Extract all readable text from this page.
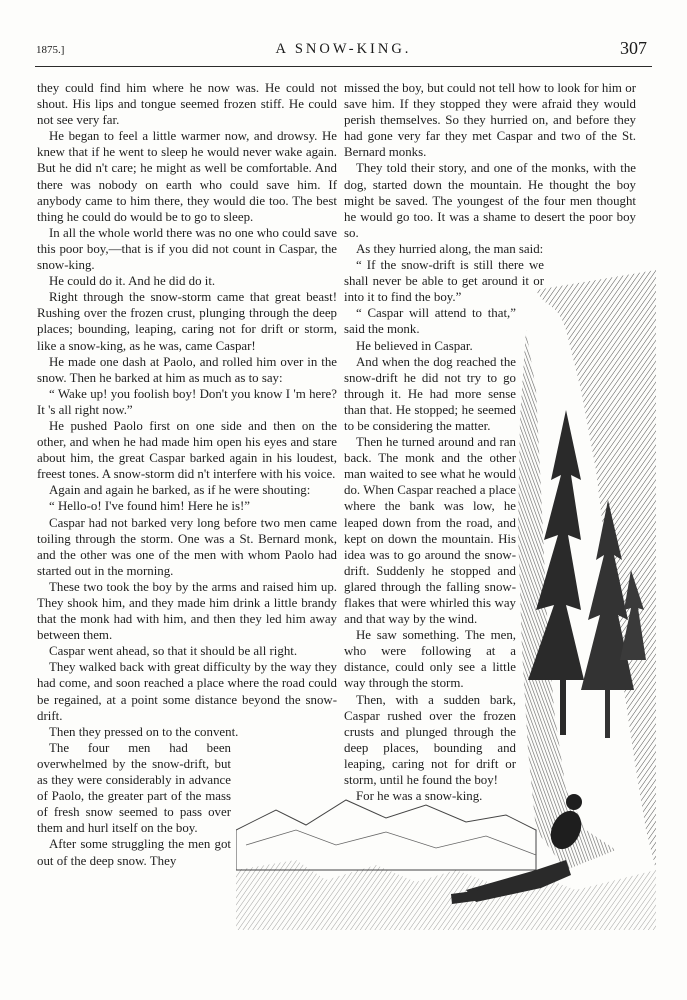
1875.]	A SNOW-KING.	307

they could find him where he now was. He could not shout. His lips and tongue seemed frozen stiff. He could not see very far.

He began to feel a little warmer now, and drowsy. He knew that if he went to sleep he would never wake again. But he did n't care; he might as well be comfortable. And there was nobody on earth who could save him. If anybody came to him there, they would die too. The best thing he could do would be to go to sleep.

In all the whole world there was no one who could save this poor boy,—that is if you did not count in Caspar, the snow-king.

He could do it. And he did do it.

Right through the snow-storm came that great beast! Rushing over the frozen crust, plunging through the deep places; bounding, leaping, caring not for drift or storm, like a snow-king, as he was, came Caspar!

He made one dash at Paolo, and rolled him over in the snow. Then he barked at him as much as to say:

“ Wake up! you foolish boy! Don't you know I 'm here? It 's all right now.”

He pushed Paolo first on one side and then on the other, and when he had made him open his eyes and stare about him, the great Caspar barked again in his loudest, freest tones. A snow-storm did n't interfere with his voice.

Again and again he barked, as if he were shouting:

“ Hello-o! I've found him! Here he is!”

Caspar had not barked very long before two men came toiling through the storm. One was a St. Bernard monk, and the other was one of the men with whom Paolo had started out in the morning.

These two took the boy by the arms and raised him up. They shook him, and they made him drink a little brandy that the monk had with him, and then they led him away between them.

Caspar went ahead, so that it should be all right.

They walked back with great difficulty by the way they had come, and soon reached a place where the road could be regained, at a point some distance beyond the snow-drift.

Then they pressed on to the convent.

The four men had been overwhelmed by the snow-drift, but as they were considerably in advance of Paolo, the greater part of the mass of fresh snow seemed to pass over them and hurl itself on the boy.

After some struggling the men got out of the deep snow. They

missed the boy, but could not tell how to look for him or save him. If they stopped they were afraid they would perish themselves. So they hurried on, and before they had gone very far they met Caspar and two of the St. Bernard monks.

They told their story, and one of the monks, with the dog, started down the mountain. He thought the boy might be saved. The youngest of the four men thought he would go too. It was a shame to desert the poor boy so.

As they hurried along, the man said:

“ If the snow-drift is still there we shall never be able to get around it or into it to find the boy.”

“ Caspar will attend to that,” said the monk.

He believed in Caspar.

And when the dog reached the snow-drift he did not try to go through it. He had more sense than that. He stopped; he seemed to be considering the matter.

Then he turned around and ran back. The monk and the other man waited to see what he would do. When Caspar reached a place where the bank was low, he leaped down from the road, and kept on down the mountain. His idea was to go around the snow-drift. Suddenly he stopped and glared through the falling snow-flakes that were whirled this way and that way by the wind.

He saw something. The men, who were following at a distance, could only see a little way through the storm.

Then, with a sudden bark, Caspar rushed over the frozen crusts and plunged through the deep places, bounding and leaping, caring not for drift or storm, until he found the boy!

For he was a snow-king.
